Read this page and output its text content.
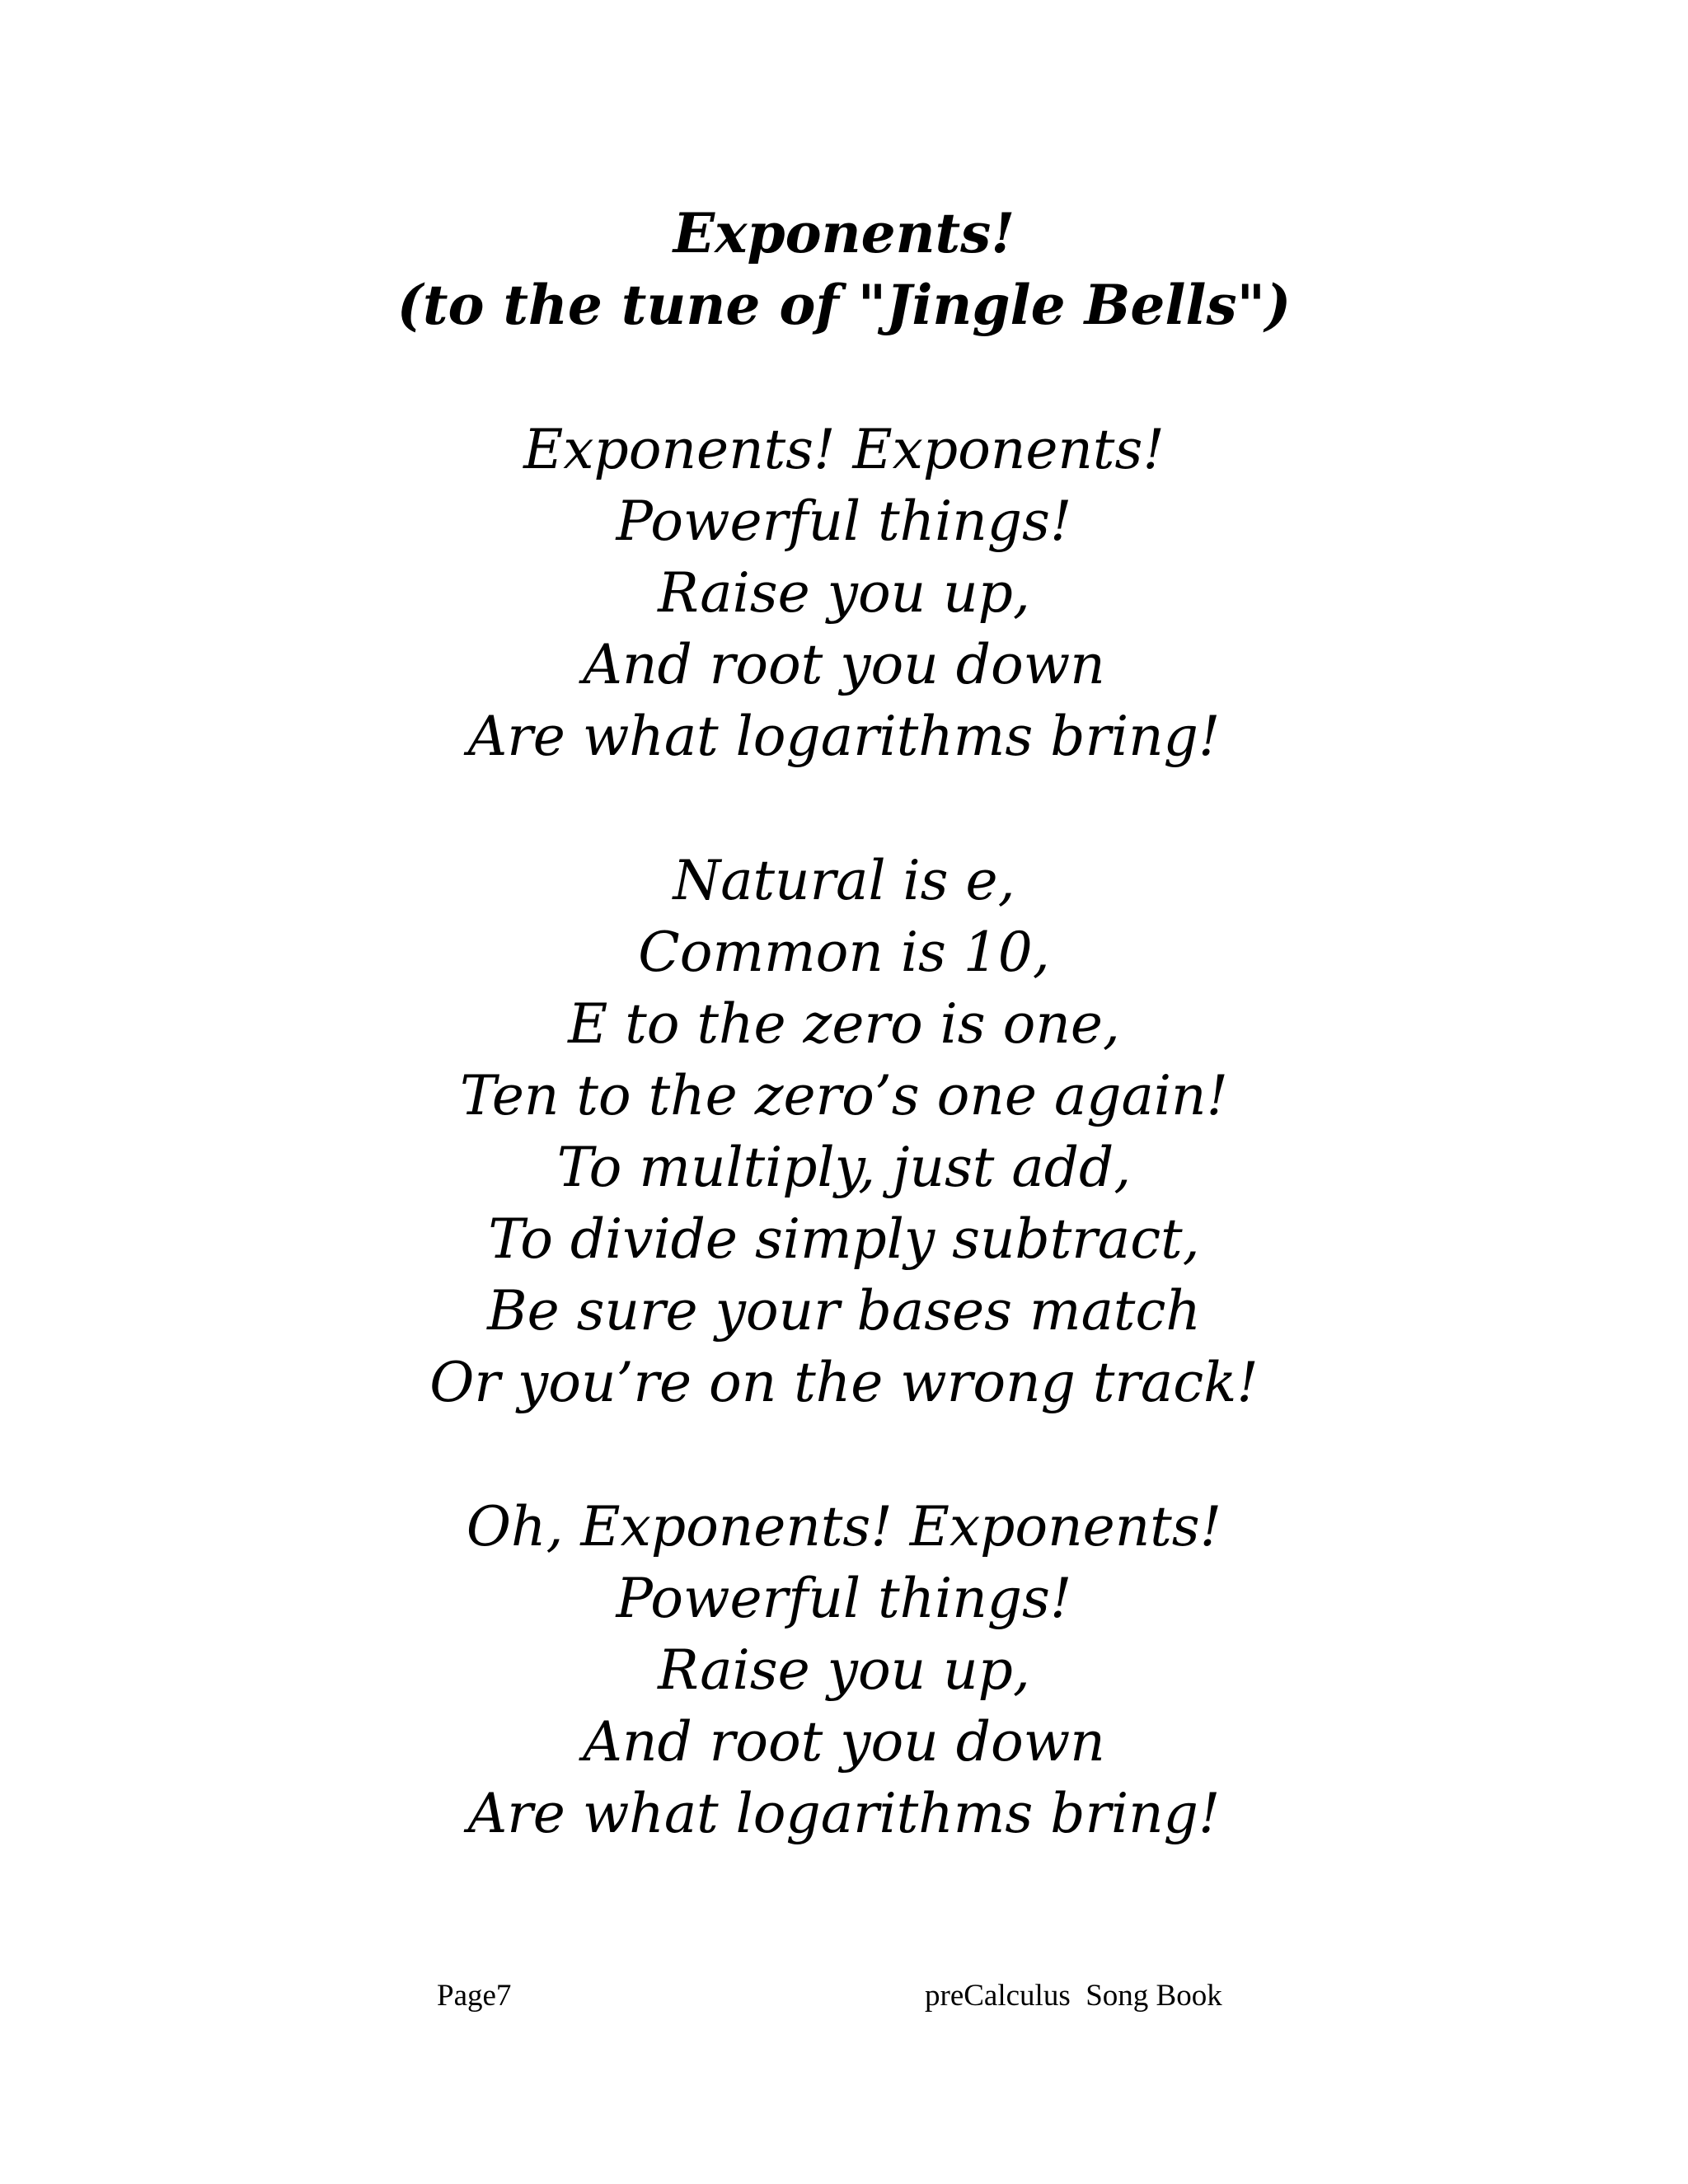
Exponents!
(to the tune of "Jingle Bells")
Exponents! Exponents!
Powerful things!
Raise you up,
And root you down
Are what logarithms bring!
Natural is e,
Common is 10,
E to the zero is one,
Ten to the zero’s one again!
To multiply, just add,
To divide simply subtract,
Be sure your bases match
Or you’re on the wrong track!
Oh, Exponents! Exponents!
Powerful things!
Raise you up,
And root you down
Are what logarithms bring!
Page7	preCalculus  Song Book
